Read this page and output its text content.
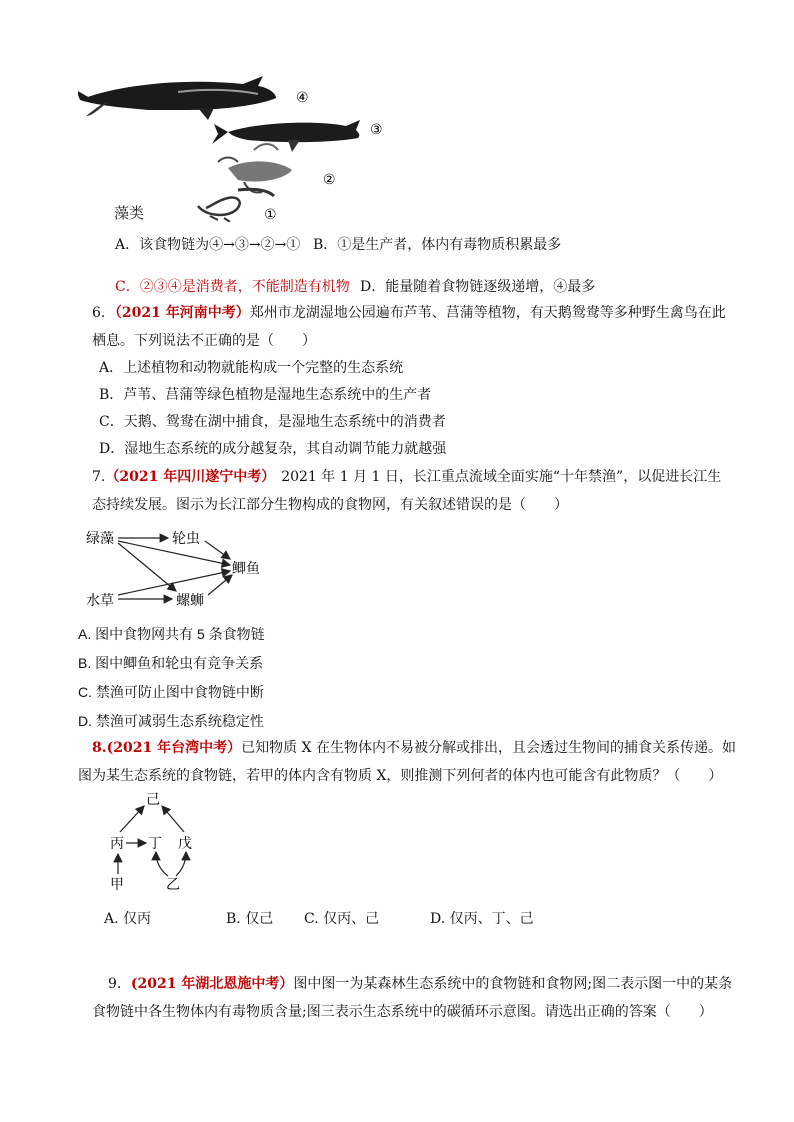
④
③
②
①
藻类
A．该食物链为④→③→②→① B．①是生产者，体内有毒物质积累最多
C．②③④是消费者，不能制造有机物 D．能量随着食物链逐级递增，④最多
6．（2021 年河南中考）郑州市龙湖湿地公园遍布芦苇、莒蒲等植物，有天鹅鸳鸯等多种野生禽鸟在此
栖息。下列说法不正确的是（　　）
A．上述植物和动物就能构成一个完整的生态系统
B．芦苇、莒蒲等绿色植物是湿地生态系统中的生产者
C．天鹅、鸳鸯在湖中捕食，是湿地生态系统中的消费者
D．湿地生态系统的成分越复杂，其自动调节能力就越强
7.（2021 年四川遂宁中考） 2021 年 1 月 1 日，长江重点流域全面实施“十年禁渔”，以促进长江生
态持续发展。图示为长江部分生物构成的食物网，有关叙述错误的是（　　）
绿藻	轮虫
鲫鱼
水草	螺蛳
A. 图中食物网共有 5 条食物链
B. 图中鲫鱼和轮虫有竞争关系
C. 禁渔可防止图中食物链中断
D. 禁渔可减弱生态系统稳定性
8.(2021 年台湾中考）已知物质 X 在生物体内不易被分解或排出，且会透过生物间的捕食关系传递。如
图为某生态系统的食物链，若甲的体内含有物质 X，则推测下列何者的体内也可能含有此物质？（　　）
己
丙 丁 戊
甲	乙
A. 仅丙	B. 仅己 C. 仅丙、己	D. 仅丙、丁、己
9．(2021 年湖北恩施中考）图中图一为某森林生态系统中的食物链和食物网;图二表示图一中的某条
食物链中各生物体内有毒物质含量;图三表示生态系统中的碳循环示意图。请选出正确的答案（　　）
